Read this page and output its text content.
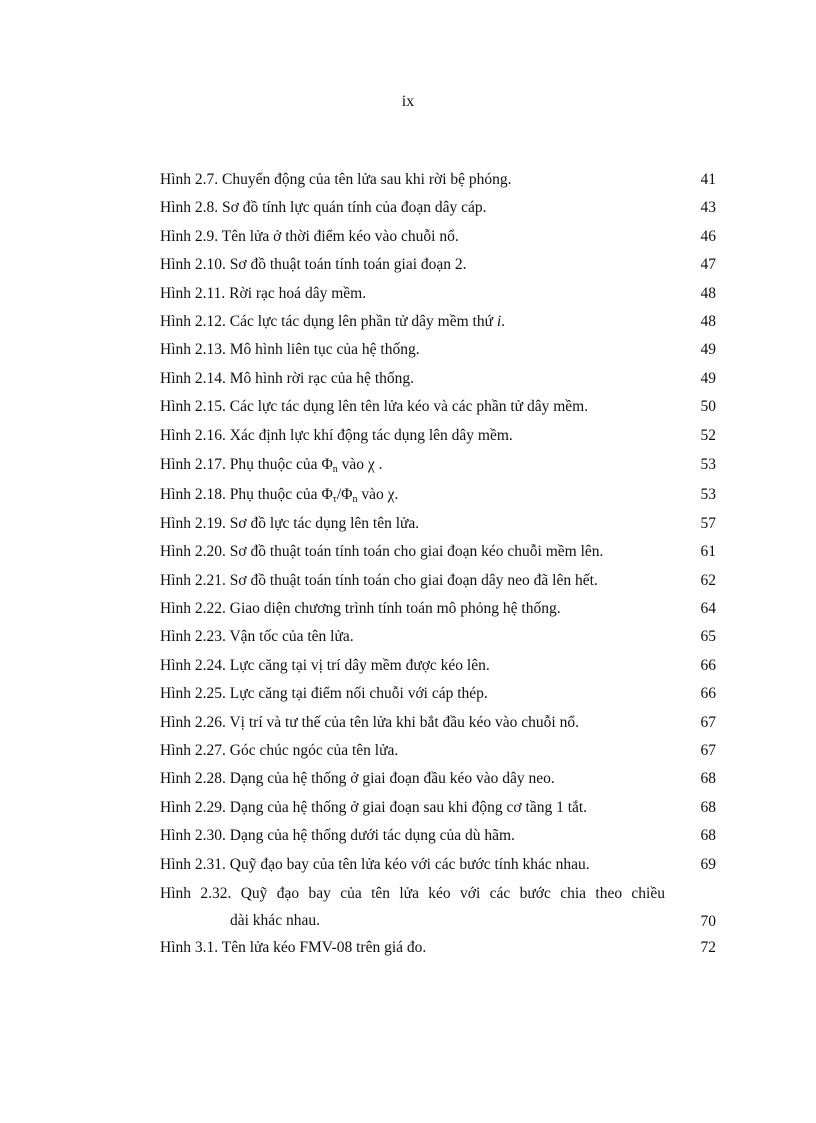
ix
Hình 2.7. Chuyển động của tên lửa sau khi rời bệ phóng.	41
Hình 2.8. Sơ đồ tính lực quán tính của đoạn dây cáp.	43
Hình 2.9. Tên lửa ở thời điểm kéo vào chuỗi nổ.	46
Hình 2.10. Sơ đồ thuật toán tính toán giai đoạn 2.	47
Hình 2.11. Rời rạc hoá dây mềm.	48
Hình 2.12. Các lực tác dụng lên phần tử dây mềm thứ i.	48
Hình 2.13. Mô hình liên tục của hệ thống.	49
Hình 2.14. Mô hình rời rạc của hệ thống.	49
Hình 2.15. Các lực tác dụng lên tên lửa kéo và các phần tử dây mềm.	50
Hình 2.16. Xác định lực khí động tác dụng lên dây mềm.	52
Hình 2.17. Phụ thuộc của $\Phi_n$ vào χ .	53
Hình 2.18. Phụ thuộc của $\Phi_\tau/\Phi_n$ vào χ.	53
Hình 2.19. Sơ đồ lực tác dụng lên tên lửa.	57
Hình 2.20. Sơ đồ thuật toán tính toán cho giai đoạn kéo chuỗi mềm lên.	61
Hình 2.21. Sơ đồ thuật toán tính toán cho giai đoạn dây neo đã lên hết.	62
Hình 2.22. Giao diện chương trình tính toán mô phỏng hệ thống.	64
Hình 2.23. Vận tốc của tên lửa.	65
Hình 2.24. Lực căng tại vị trí dây mềm được kéo lên.	66
Hình 2.25. Lực căng tại điểm nối chuỗi với cáp thép.	66
Hình 2.26. Vị trí và tư thế của tên lửa khi bắt đầu kéo vào chuỗi nổ.	67
Hình 2.27. Góc chúc ngóc của tên lửa.	67
Hình 2.28. Dạng của hệ thống ở giai đoạn đầu kéo vào dây neo.	68
Hình 2.29. Dạng của hệ thống ở giai đoạn sau khi động cơ tầng 1 tắt.	68
Hình 2.30. Dạng của hệ thống dưới tác dụng của dù hãm.	68
Hình 2.31. Quỹ đạo bay của tên lửa kéo với các bước tính khác nhau.	69
Hình 2.32. Quỹ đạo bay của tên lửa kéo với các bước chia theo chiều
dài khác nhau.	70
Hình 3.1. Tên lửa kéo FMV-08 trên giá đo.	72
